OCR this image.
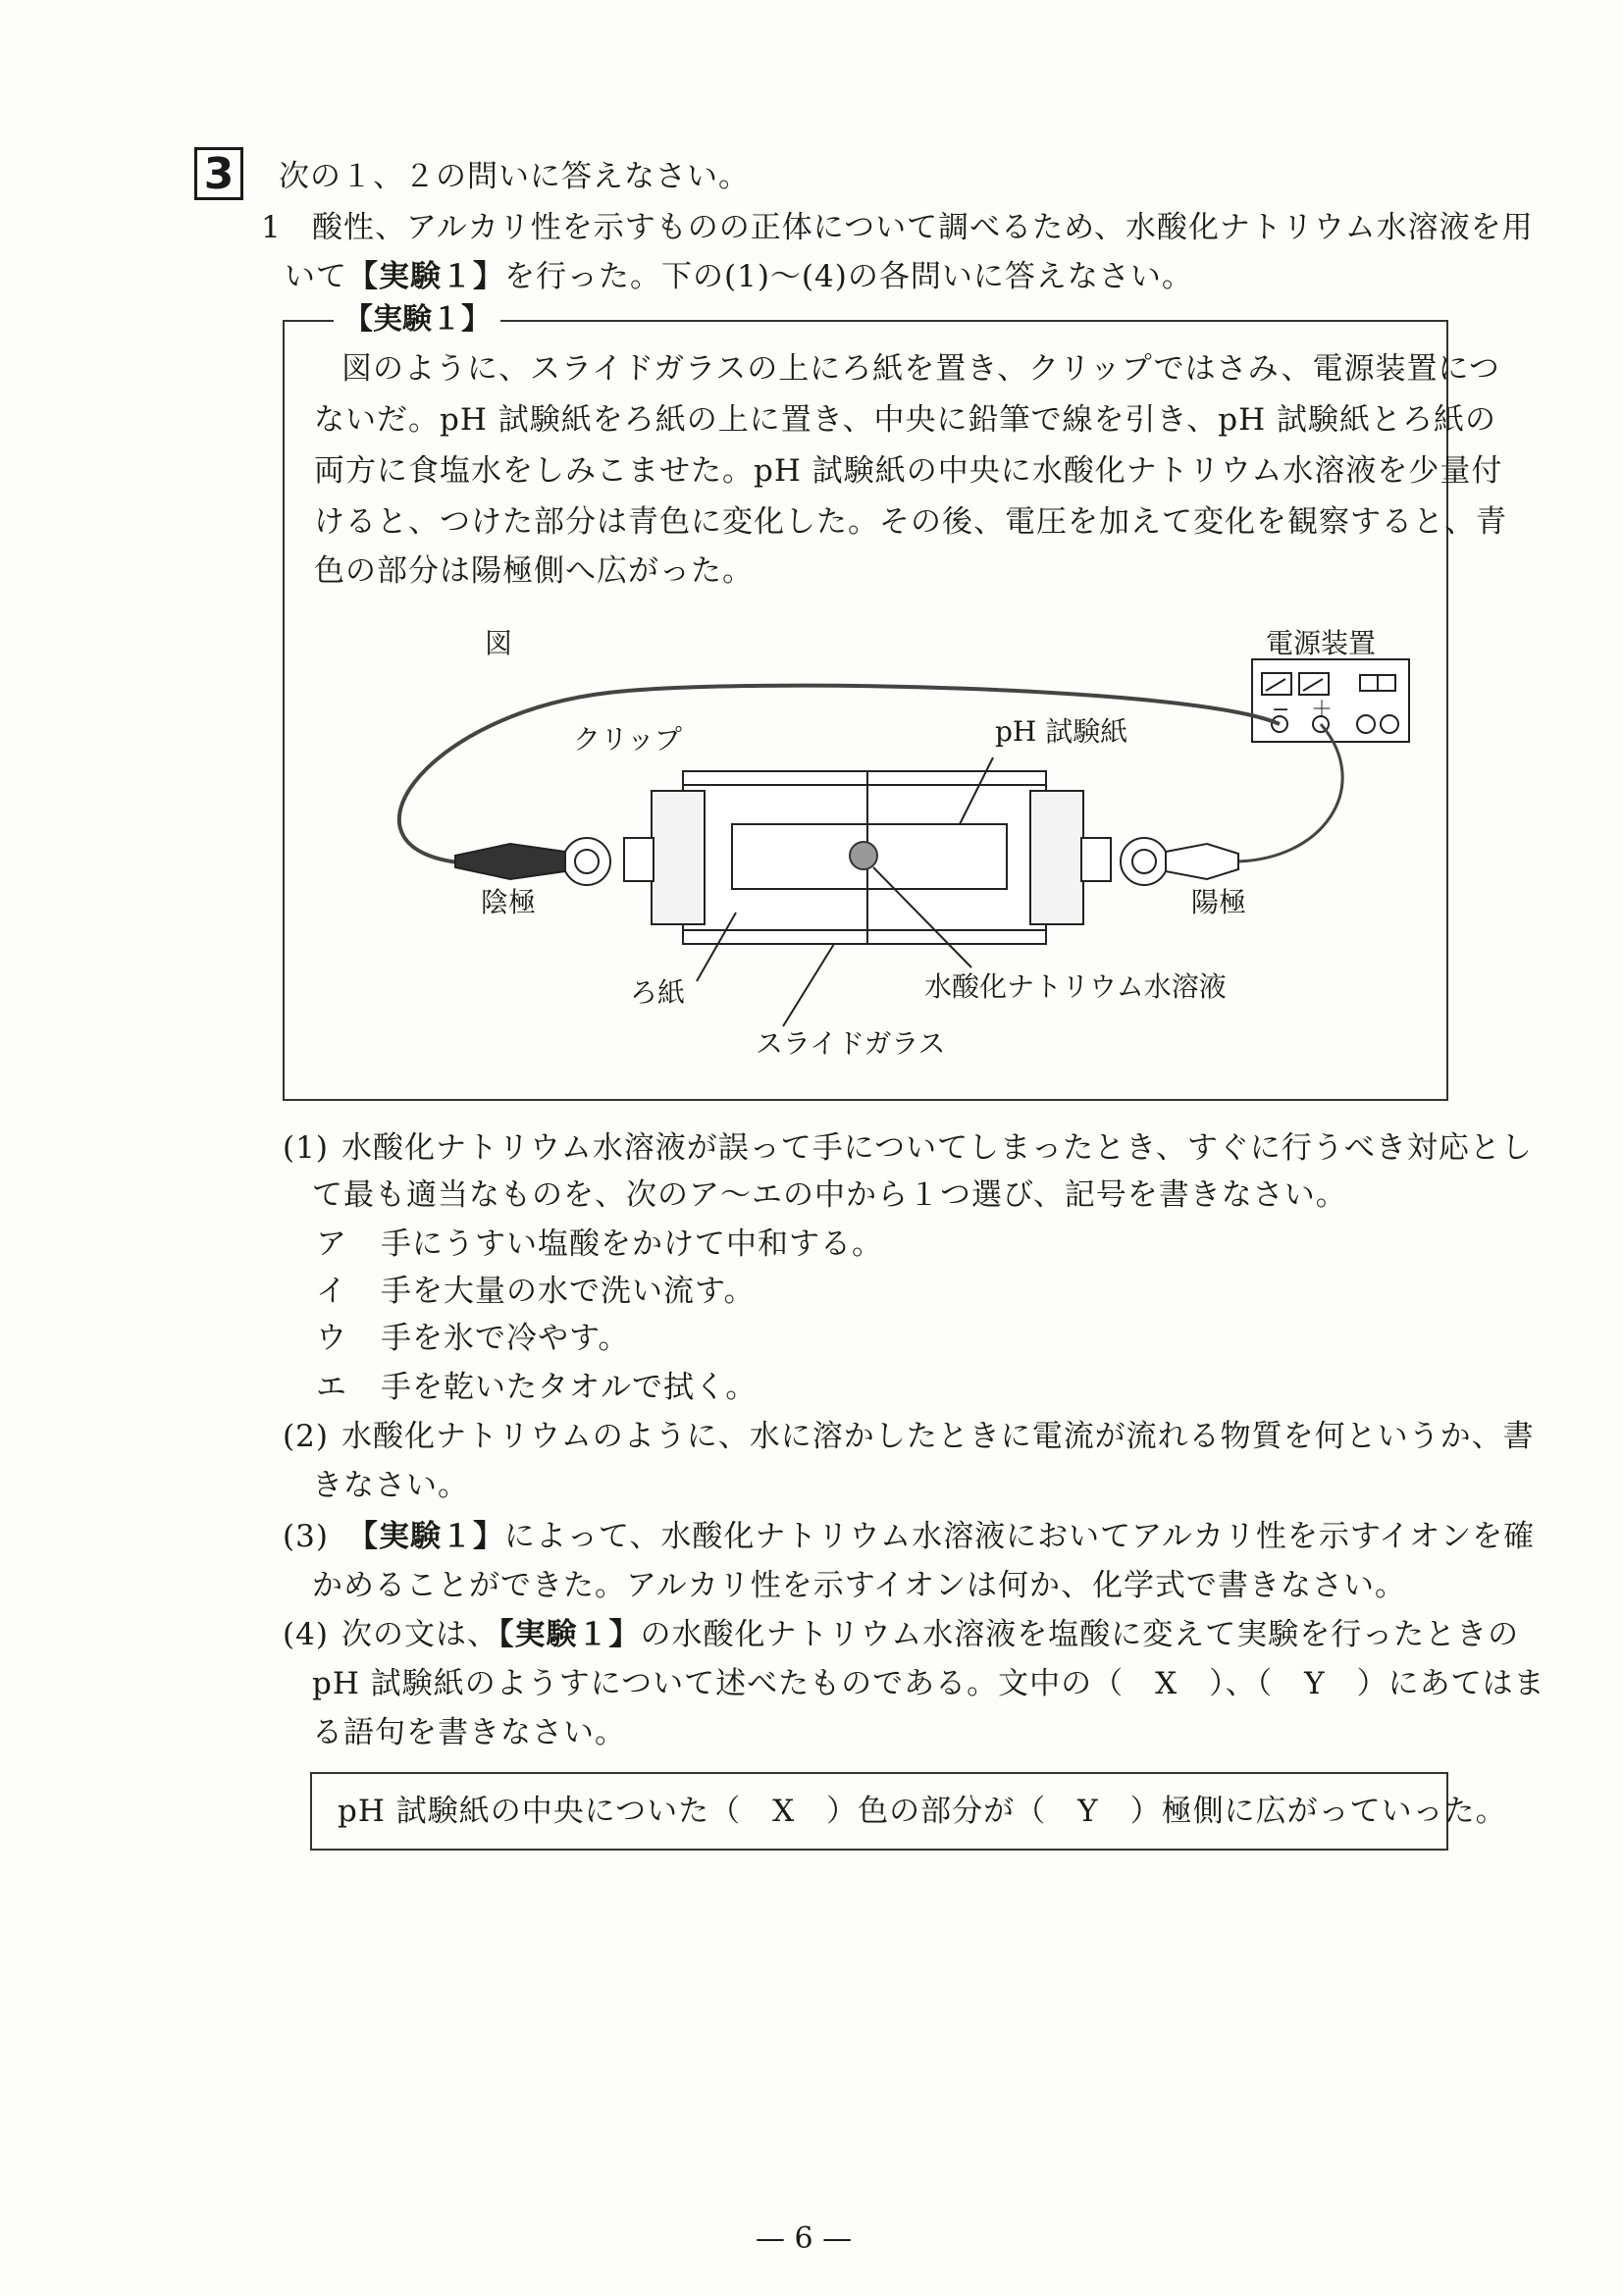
3 次の１、２の問いに答えなさい。
1 酸性、アルカリ性を示すものの正体について調べるため、水酸化ナトリウム水溶液を用
いて【実験１】を行った。下の(1)〜(4)の各問いに答えなさい。
【実験１】
図のように、スライドガラスの上にろ紙を置き、クリップではさみ、電源装置につ
ないだ。pH 試験紙をろ紙の上に置き、中央に鉛筆で線を引き、pH 試験紙とろ紙の
両方に食塩水をしみこませた。pH 試験紙の中央に水酸化ナトリウム水溶液を少量付
けると、つけた部分は青色に変化した。その後、電圧を加えて変化を観察すると、青
色の部分は陽極側へ広がった。
図	電源装置
− ＋
クリップ	pH 試験紙
陰極	陽極
ろ紙	水酸化ナトリウム水溶液
スライドガラス
(1) 水酸化ナトリウム水溶液が誤って手についてしまったとき、すぐに行うべき対応とし
て最も適当なものを、次のア〜エの中から１つ選び、記号を書きなさい。
ア 手にうすい塩酸をかけて中和する。
イ 手を大量の水で洗い流す。
ウ 手を氷で冷やす。
エ 手を乾いたタオルで拭く。
(2) 水酸化ナトリウムのように、水に溶かしたときに電流が流れる物質を何というか、書
きなさい。
(3) 【実験１】によって、水酸化ナトリウム水溶液においてアルカリ性を示すイオンを確
かめることができた。アルカリ性を示すイオンは何か、化学式で書きなさい。
(4) 次の文は、【実験１】の水酸化ナトリウム水溶液を塩酸に変えて実験を行ったときの
pH 試験紙のようすについて述べたものである。文中の（　X　）、（　Y　）にあてはま
る語句を書きなさい。
pH 試験紙の中央についた（　X　）色の部分が（　Y　）極側に広がっていった。
— 6 —
